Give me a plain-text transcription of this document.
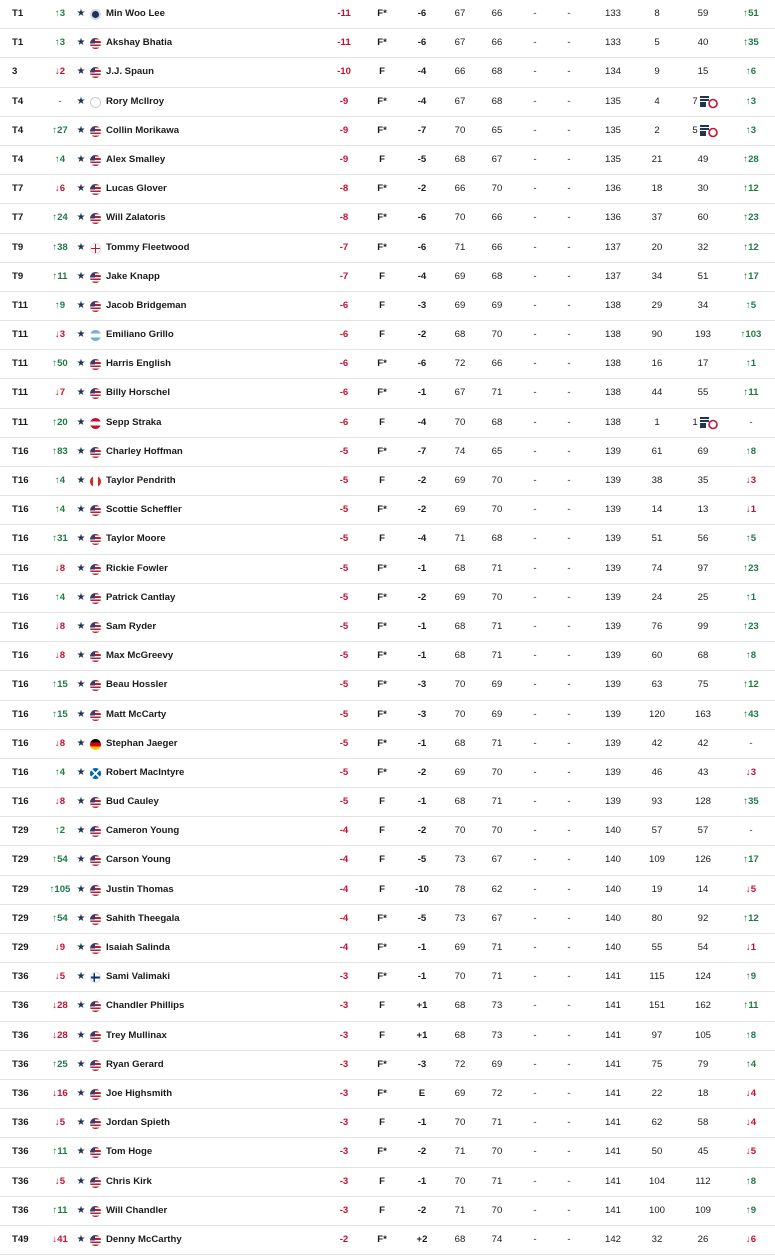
T1	↑3	★ Min Woo Lee	-11	F*	-6	67	66	-	-	133	8	59	↑51
T1	↑3	★ Akshay Bhatia	-11	F*	-6	67	66	-	-	133	5	40	↑35
3	↓2	★ J.J. Spaun	-10	F	-4	66	68	-	-	134	9	15	↑6
T4	-	★ Rory McIlroy	-9	F*	-4	67	68	-	-	135	4	7	↑3
T4	↑27 ★ Collin Morikawa	-9	F*	-7	70	65	-	-	135	2	5	↑3
T4	↑4	★ Alex Smalley	-9	F	-5	68	67	-	-	135	21	49	↑28
T7	↓6	★ Lucas Glover	-8	F*	-2	66	70	-	-	136	18	30	↑12
T7	↑24 ★ Will Zalatoris	-8	F*	-6	70	66	-	-	136	37	60	↑23
T9	↑38 ★ Tommy Fleetwood	-7	F*	-6	71	66	-	-	137	20	32	↑12
T9	↑11 ★ Jake Knapp	-7	F	-4	69	68	-	-	137	34	51	↑17
T11	↑9	★ Jacob Bridgeman	-6	F	-3	69	69	-	-	138	29	34	↑5
T11	↓3	★ Emiliano Grillo	-6	F	-2	68	70	-	-	138	90	193	↑103
T11	↑50 ★ Harris English	-6	F*	-6	72	66	-	-	138	16	17	↑1
T11	↓7	★ Billy Horschel	-6	F*	-1	67	71	-	-	138	44	55	↑11
T11	↑20 ★ Sepp Straka	-6	F	-4	70	68	-	-	138	1	1	-
T16	↑83 ★ Charley Hoffman	-5	F*	-7	74	65	-	-	139	61	69	↑8
T16	↑4	★ Taylor Pendrith	-5	F	-2	69	70	-	-	139	38	35	↓3
T16	↑4	★ Scottie Scheffler	-5	F*	-2	69	70	-	-	139	14	13	↓1
T16	↑31 ★ Taylor Moore	-5	F	-4	71	68	-	-	139	51	56	↑5
T16	↓8	★ Rickie Fowler	-5	F*	-1	68	71	-	-	139	74	97	↑23
T16	↑4	★ Patrick Cantlay	-5	F*	-2	69	70	-	-	139	24	25	↑1
T16	↓8	★ Sam Ryder	-5	F*	-1	68	71	-	-	139	76	99	↑23
T16	↓8	★ Max McGreevy	-5	F*	-1	68	71	-	-	139	60	68	↑8
T16	↑15 ★ Beau Hossler	-5	F*	-3	70	69	-	-	139	63	75	↑12
T16	↑15 ★ Matt McCarty	-5	F*	-3	70	69	-	-	139	120	163	↑43
T16	↓8	★ Stephan Jaeger	-5	F*	-1	68	71	-	-	139	42	42	-
T16	↑4	★ Robert MacIntyre	-5	F*	-2	69	70	-	-	139	46	43	↓3
T16	↓8	★ Bud Cauley	-5	F	-1	68	71	-	-	139	93	128	↑35
T29	↑2	★ Cameron Young	-4	F	-2	70	70	-	-	140	57	57	-
T29	↑54 ★ Carson Young	-4	F	-5	73	67	-	-	140	109	126	↑17
T29	↑105 ★ Justin Thomas	-4	F	-10	78	62	-	-	140	19	14	↓5
T29	↑54 ★ Sahith Theegala	-4	F*	-5	73	67	-	-	140	80	92	↑12
T29	↓9	★ Isaiah Salinda	-4	F*	-1	69	71	-	-	140	55	54	↓1
T36	↓5	★ Sami Valimaki	-3	F*	-1	70	71	-	-	141	115	124	↑9
T36	↓28 ★ Chandler Phillips	-3	F	+1	68	73	-	-	141	151	162	↑11
T36	↓28 ★ Trey Mullinax	-3	F	+1	68	73	-	-	141	97	105	↑8
T36	↑25 ★ Ryan Gerard	-3	F*	-3	72	69	-	-	141	75	79	↑4
T36	↓16 ★ Joe Highsmith	-3	F*	E	69	72	-	-	141	22	18	↓4
T36	↓5	★ Jordan Spieth	-3	F	-1	70	71	-	-	141	62	58	↓4
T36	↑11 ★ Tom Hoge	-3	F*	-2	71	70	-	-	141	50	45	↓5
T36	↓5	★ Chris Kirk	-3	F	-1	70	71	-	-	141	104	112	↑8
T36	↑11 ★ Will Chandler	-3	F	-2	71	70	-	-	141	100	109	↑9
T49	↓41 ★ Denny McCarthy	-2	F*	+2	68	74	-	-	142	32	26	↓6
